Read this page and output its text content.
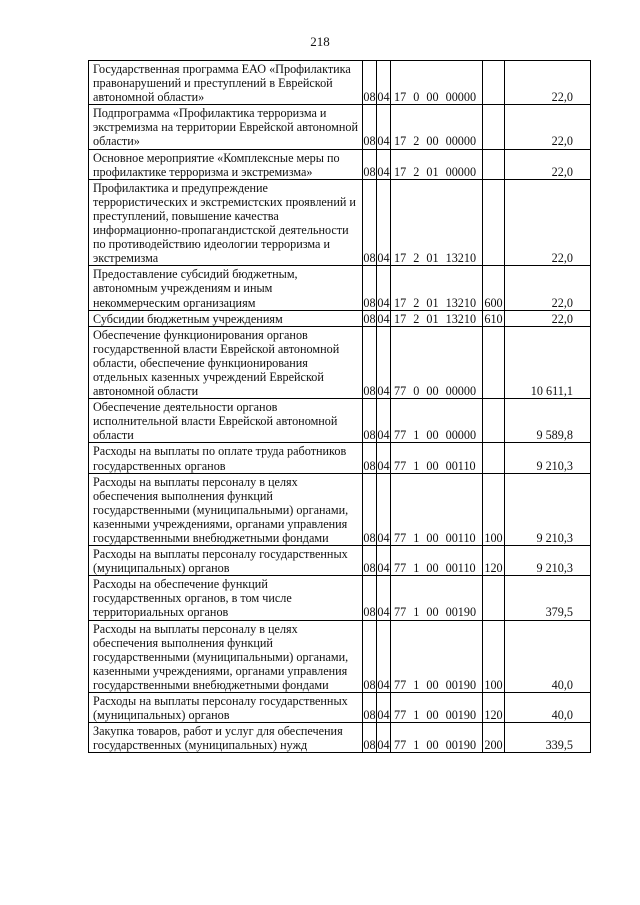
218
Государственная программа ЕАО «Профилактика правонарушений и преступлений в Еврейской автономной области»	08	04	17 0 00 00000		22,0
Подпрограмма «Профилактика терроризма и экстремизма на территории Еврейской автономной области»	08	04	17 2 00 00000		22,0
Основное мероприятие «Комплексные меры по профилактике терроризма и экстремизма»	08	04	17 2 01 00000		22,0
Профилактика и предупреждение террористических и экстремистских проявлений и преступлений, повышение качества информационно-пропагандистской деятельности по противодействию идеологии терроризма и экстремизма	08	04	17 2 01 13210		22,0
Предоставление субсидий бюджетным, автономным учреждениям и иным некоммерческим организациям	08	04	17 2 01 13210	600	22,0
Субсидии бюджетным учреждениям	08	04	17 2 01 13210	610	22,0
Обеспечение функционирования органов государственной власти Еврейской автономной области, обеспечение функционирования отдельных казенных учреждений Еврейской автономной области	08	04	77 0 00 00000		10 611,1
Обеспечение деятельности органов исполнительной власти Еврейской автономной области	08	04	77 1 00 00000		9 589,8
Расходы на выплаты по оплате труда работников государственных органов	08	04	77 1 00 00110		9 210,3
Расходы на выплаты персоналу в целях обеспечения выполнения функций государственными (муниципальными) органами, казенными учреждениями, органами управления государственными внебюджетными фондами	08	04	77 1 00 00110	100	9 210,3
Расходы на выплаты персоналу государственных (муниципальных) органов	08	04	77 1 00 00110	120	9 210,3
Расходы на обеспечение функций государственных органов, в том числе территориальных органов	08	04	77 1 00 00190		379,5
Расходы на выплаты персоналу в целях обеспечения выполнения функций государственными (муниципальными) органами, казенными учреждениями, органами управления государственными внебюджетными фондами	08	04	77 1 00 00190	100	40,0
Расходы на выплаты персоналу государственных (муниципальных) органов	08	04	77 1 00 00190	120	40,0
Закупка товаров, работ и услуг для обеспечения государственных (муниципальных) нужд	08	04	77 1 00 00190	200	339,5
